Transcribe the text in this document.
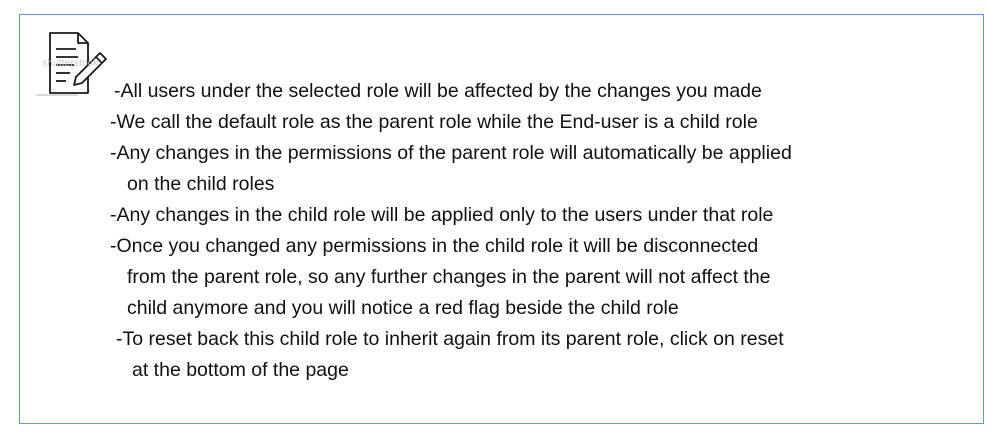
shutterstock
-All users under the selected role will be affected by the changes you made
-We call the default role as the parent role while the End-user is a child role
-Any changes in the permissions of the parent role will automatically be applied
on the child roles
-Any changes in the child role will be applied only to the users under that role
-Once you changed any permissions in the child role it will be disconnected
from the parent role, so any further changes in the parent will not affect the
child anymore and you will notice a red flag beside the child role
-To reset back this child role to inherit again from its parent role, click on reset
at the bottom of the page
